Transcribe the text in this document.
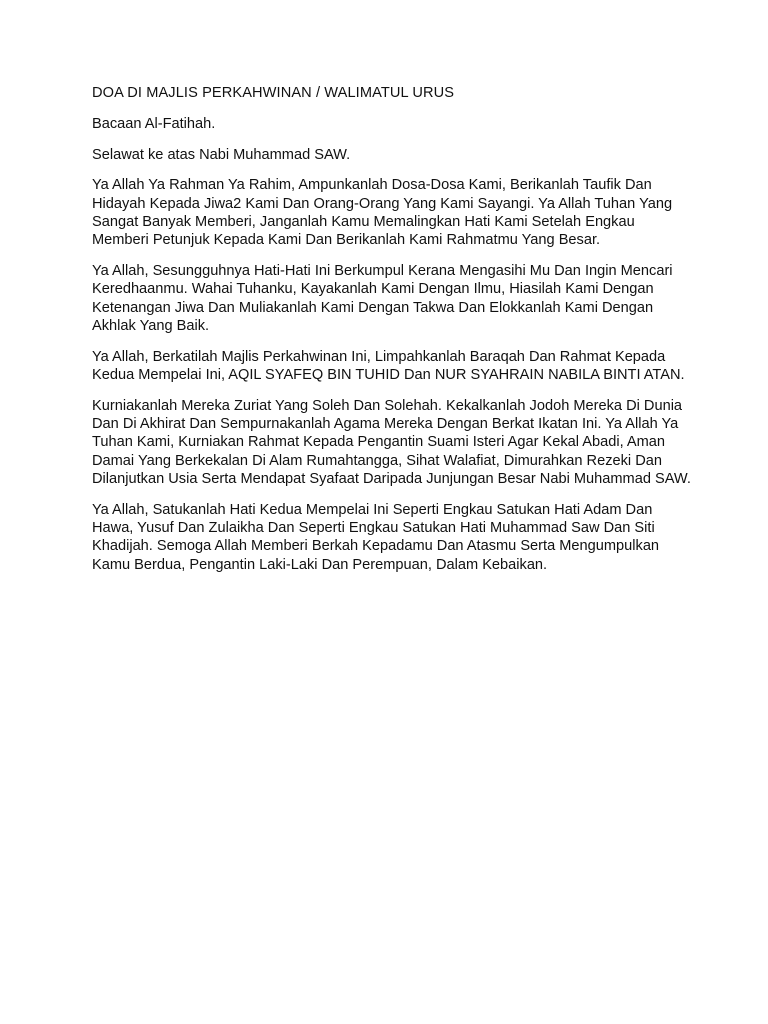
DOA DI MAJLIS PERKAHWINAN / WALIMATUL URUS

Bacaan Al-Fatihah.

Selawat ke atas Nabi Muhammad SAW.

Ya Allah Ya Rahman Ya Rahim, Ampunkanlah Dosa-Dosa Kami, Berikanlah Taufik Dan Hidayah Kepada Jiwa2 Kami Dan Orang-Orang Yang Kami Sayangi. Ya Allah Tuhan Yang Sangat Banyak Memberi, Janganlah Kamu Memalingkan Hati Kami Setelah Engkau Memberi Petunjuk Kepada Kami Dan Berikanlah Kami Rahmatmu Yang Besar.

Ya Allah, Sesungguhnya Hati-Hati Ini Berkumpul Kerana Mengasihi Mu Dan Ingin Mencari Keredhaanmu. Wahai Tuhanku, Kayakanlah Kami Dengan Ilmu, Hiasilah Kami Dengan Ketenangan Jiwa Dan Muliakanlah Kami Dengan Takwa Dan Elokkanlah Kami Dengan Akhlak Yang Baik.

Ya Allah, Berkatilah Majlis Perkahwinan Ini, Limpahkanlah Baraqah Dan Rahmat Kepada Kedua Mempelai Ini, AQIL SYAFEQ BIN TUHID Dan NUR SYAHRAIN NABILA BINTI ATAN.

Kurniakanlah Mereka Zuriat Yang Soleh Dan Solehah. Kekalkanlah Jodoh Mereka Di Dunia Dan Di Akhirat Dan Sempurnakanlah Agama Mereka Dengan Berkat Ikatan Ini. Ya Allah Ya Tuhan Kami, Kurniakan Rahmat Kepada Pengantin Suami Isteri Agar Kekal Abadi, Aman Damai Yang Berkekalan Di Alam Rumahtangga, Sihat Walafiat, Dimurahkan Rezeki Dan Dilanjutkan Usia Serta Mendapat Syafaat Daripada Junjungan Besar Nabi Muhammad SAW.

Ya Allah, Satukanlah Hati Kedua Mempelai Ini Seperti Engkau Satukan Hati Adam Dan Hawa, Yusuf Dan Zulaikha Dan Seperti Engkau Satukan Hati Muhammad Saw Dan Siti Khadijah. Semoga Allah Memberi Berkah Kepadamu Dan Atasmu Serta Mengumpulkan Kamu Berdua, Pengantin Laki-Laki Dan Perempuan, Dalam Kebaikan.
